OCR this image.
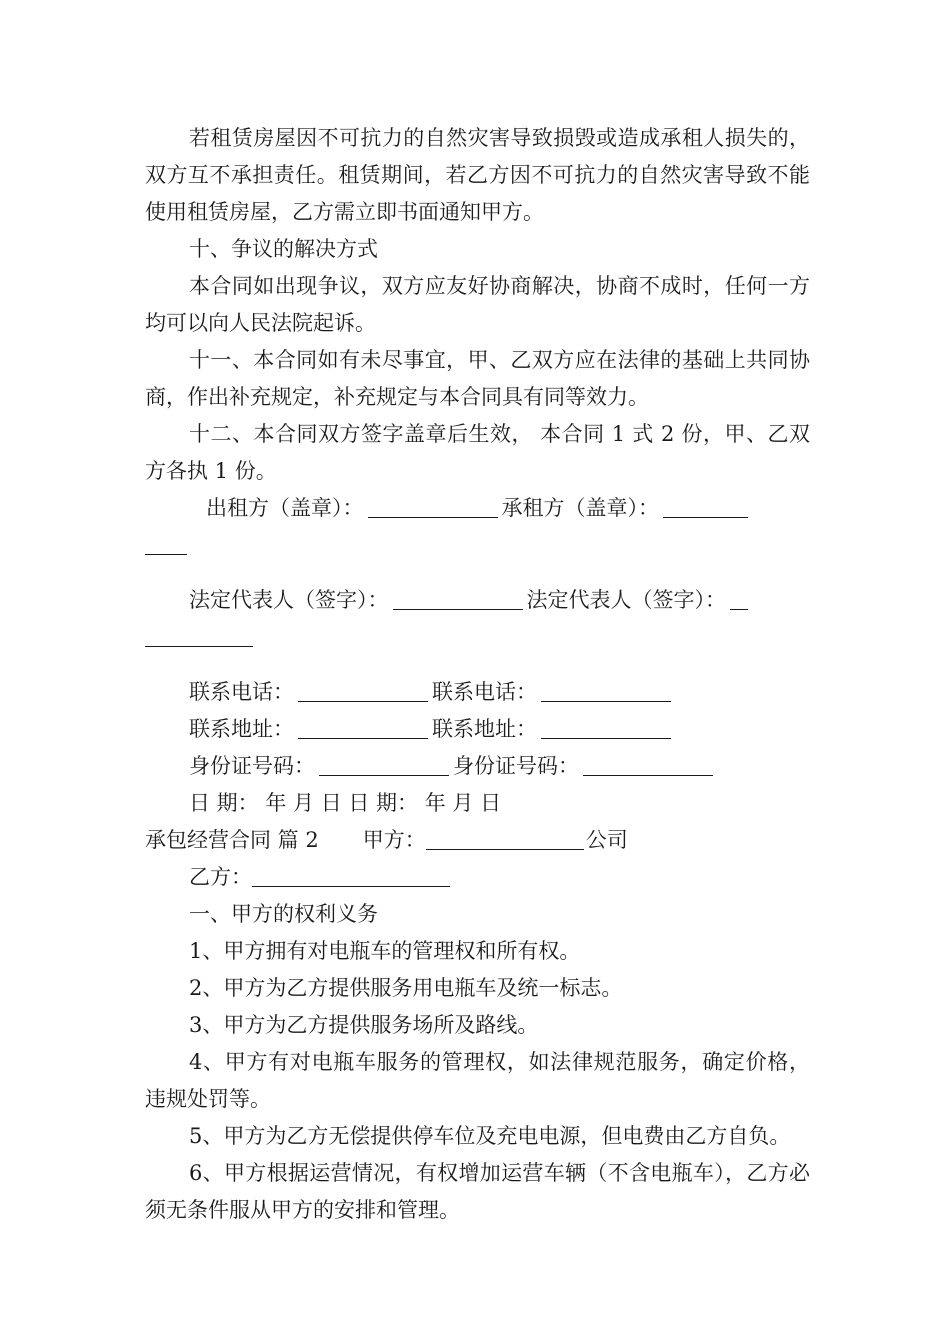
若租赁房屋因不可抗力的自然灾害导致损毁或造成承租人损失的，双方互不承担责任。租赁期间，若乙方因不可抗力的自然灾害导致不能使用租赁房屋，乙方需立即书面通知甲方。

十、争议的解决方式

本合同如出现争议，双方应友好协商解决，协商不成时，任何一方均可以向人民法院起诉。

十一、本合同如有未尽事宜，甲、乙双方应在法律的基础上共同协商，作出补充规定，补充规定与本合同具有同等效力。

十二、本合同双方签字盖章后生效， 本合同 1 式 2 份，甲、乙双方各执 1 份。

出租方（盖章）：	承租方（盖章）：
法定代表人（签字）：	法定代表人（签字）：
联系电话：	联系电话：
联系地址：	联系地址：
身份证号码：	身份证号码：
日 期： 年 月 日 日 期： 年 月 日
承包经营合同 篇 2 甲方：	公司
乙方：

一、甲方的权利义务

1、甲方拥有对电瓶车的管理权和所有权。

2、甲方为乙方提供服务用电瓶车及统一标志。

3、甲方为乙方提供服务场所及路线。

4、甲方有对电瓶车服务的管理权，如法律规范服务，确定价格，违规处罚等。

5、甲方为乙方无偿提供停车位及充电电源，但电费由乙方自负。

6、甲方根据运营情况，有权增加运营车辆（不含电瓶车），乙方必须无条件服从甲方的安排和管理。
